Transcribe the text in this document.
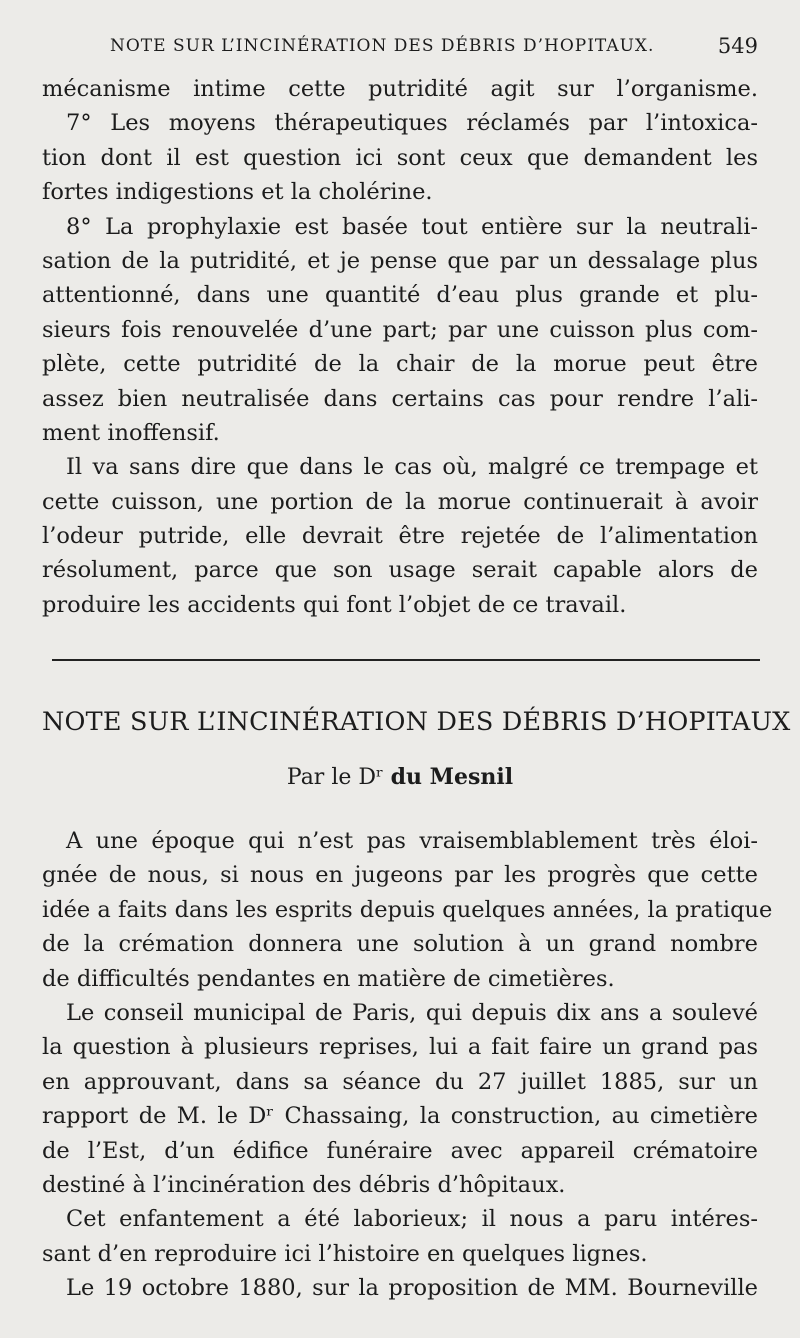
NOTE SUR L’INCINÉRATION DES DÉBRIS D’HOPITAUX.	549
mécanisme intime cette putridité agit sur l’organisme.
7° Les moyens thérapeutiques réclamés par l’intoxica-
tion dont il est question ici sont ceux que demandent les
fortes indigestions et la cholérine.
8° La prophylaxie est basée tout entière sur la neutrali-
sation de la putridité, et je pense que par un dessalage plus
attentionné, dans une quantité d’eau plus grande et plu-
sieurs fois renouvelée d’une part; par une cuisson plus com-
plète, cette putridité de la chair de la morue peut être
assez bien neutralisée dans certains cas pour rendre l’ali-
ment inoffensif.
Il va sans dire que dans le cas où, malgré ce trempage et
cette cuisson, une portion de la morue continuerait à avoir
l’odeur putride, elle devrait être rejetée de l’alimentation
résolument, parce que son usage serait capable alors de
produire les accidents qui font l’objet de ce travail.
NOTE SUR L’INCINÉRATION DES DÉBRIS D’HOPITAUX
Par le Dʳ du Mesnil
A une époque qui n’est pas vraisemblablement très éloi-
gnée de nous, si nous en jugeons par les progrès que cette
idée a faits dans les esprits depuis quelques années, la pratique
de la crémation donnera une solution à un grand nombre
de difficultés pendantes en matière de cimetières.
Le conseil municipal de Paris, qui depuis dix ans a soulevé
la question à plusieurs reprises, lui a fait faire un grand pas
en approuvant, dans sa séance du 27 juillet 1885, sur un
rapport de M. le Dʳ Chassaing, la construction, au cimetière
de l’Est, d’un édifice funéraire avec appareil crématoire
destiné à l’incinération des débris d’hôpitaux.
Cet enfantement a été laborieux; il nous a paru intéres-
sant d’en reproduire ici l’histoire en quelques lignes.
Le 19 octobre 1880, sur la proposition de MM. Bourneville
